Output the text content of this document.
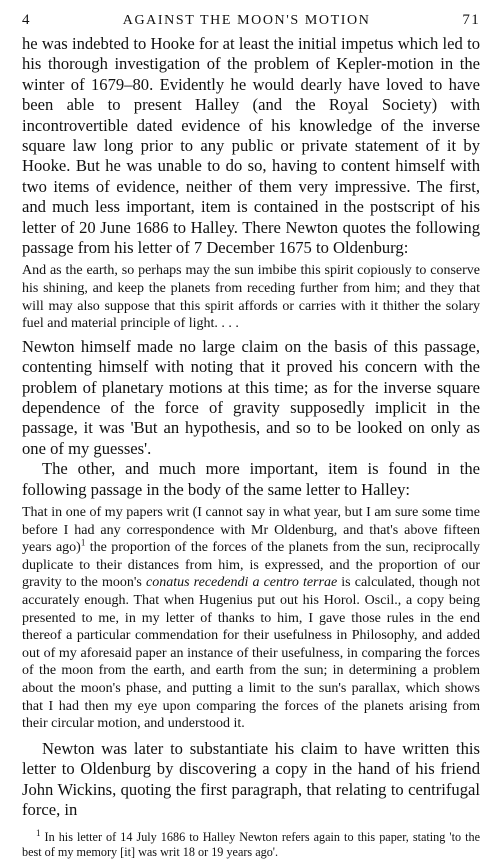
4	AGAINST THE MOON'S MOTION	71

he was indebted to Hooke for at least the initial impetus which led to his thorough investigation of the problem of Kepler-motion in the winter of 1679–80. Evidently he would dearly have loved to have been able to present Halley (and the Royal Society) with incontrovertible dated evidence of his knowledge of the inverse square law long prior to any public or private statement of it by Hooke. But he was unable to do so, having to content himself with two items of evidence, neither of them very impressive. The first, and much less important, item is contained in the postscript of his letter of 20 June 1686 to Halley. There Newton quotes the following passage from his letter of 7 December 1675 to Oldenburg:

And as the earth, so perhaps may the sun imbibe this spirit copiously to conserve his shining, and keep the planets from receding further from him; and they that will may also suppose that this spirit affords or carries with it thither the solary fuel and material principle of light. . . .

Newton himself made no large claim on the basis of this passage, contenting himself with noting that it proved his concern with the problem of planetary motions at this time; as for the inverse square dependence of the force of gravity supposedly implicit in the passage, it was 'But an hypothesis, and so to be looked on only as one of my guesses'.

The other, and much more important, item is found in the following passage in the body of the same letter to Halley:

That in one of my papers writ (I cannot say in what year, but I am sure some time before I had any correspondence with Mr Oldenburg, and that's above fifteen years ago)$^1$ the proportion of the forces of the planets from the sun, reciprocally duplicate to their distances from him, is expressed, and the proportion of our gravity to the moon's conatus recedendi a centro terrae is calculated, though not accurately enough. That when Hugenius put out his Horol. Oscil., a copy being presented to me, in my letter of thanks to him, I gave those rules in the end thereof a particular commendation for their usefulness in Philosophy, and added out of my aforesaid paper an instance of their usefulness, in comparing the forces of the moon from the earth, and earth from the sun; in determining a problem about the moon's phase, and putting a limit to the sun's parallax, which shows that I had then my eye upon comparing the forces of the planets arising from their circular motion, and understood it.

Newton was later to substantiate his claim to have written this letter to Oldenburg by discovering a copy in the hand of his friend John Wickins, quoting the first paragraph, that relating to centrifugal force, in

$^1$ In his letter of 14 July 1686 to Halley Newton refers again to this paper, stating 'to the best of my memory [it] was writ 18 or 19 years ago'.
